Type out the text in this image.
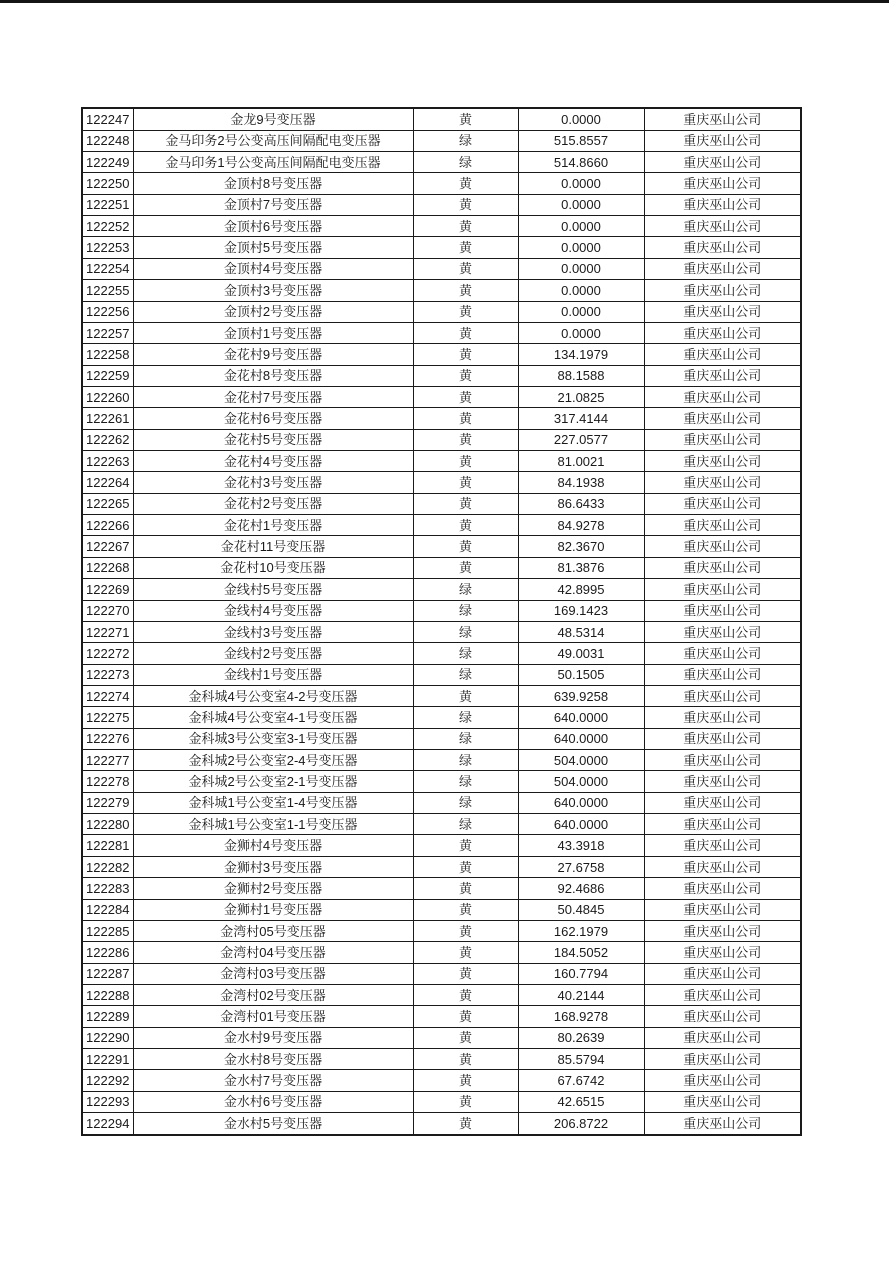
122247	金龙9号变压器	黄	0.0000	重庆巫山公司
122248	金马印务2号公变高压间隔配电变压器	绿	515.8557	重庆巫山公司
122249	金马印务1号公变高压间隔配电变压器	绿	514.8660	重庆巫山公司
122250	金顶村8号变压器	黄	0.0000	重庆巫山公司
122251	金顶村7号变压器	黄	0.0000	重庆巫山公司
122252	金顶村6号变压器	黄	0.0000	重庆巫山公司
122253	金顶村5号变压器	黄	0.0000	重庆巫山公司
122254	金顶村4号变压器	黄	0.0000	重庆巫山公司
122255	金顶村3号变压器	黄	0.0000	重庆巫山公司
122256	金顶村2号变压器	黄	0.0000	重庆巫山公司
122257	金顶村1号变压器	黄	0.0000	重庆巫山公司
122258	金花村9号变压器	黄	134.1979	重庆巫山公司
122259	金花村8号变压器	黄	88.1588	重庆巫山公司
122260	金花村7号变压器	黄	21.0825	重庆巫山公司
122261	金花村6号变压器	黄	317.4144	重庆巫山公司
122262	金花村5号变压器	黄	227.0577	重庆巫山公司
122263	金花村4号变压器	黄	81.0021	重庆巫山公司
122264	金花村3号变压器	黄	84.1938	重庆巫山公司
122265	金花村2号变压器	黄	86.6433	重庆巫山公司
122266	金花村1号变压器	黄	84.9278	重庆巫山公司
122267	金花村11号变压器	黄	82.3670	重庆巫山公司
122268	金花村10号变压器	黄	81.3876	重庆巫山公司
122269	金线村5号变压器	绿	42.8995	重庆巫山公司
122270	金线村4号变压器	绿	169.1423	重庆巫山公司
122271	金线村3号变压器	绿	48.5314	重庆巫山公司
122272	金线村2号变压器	绿	49.0031	重庆巫山公司
122273	金线村1号变压器	绿	50.1505	重庆巫山公司
122274	金科城4号公变室4-2号变压器	黄	639.9258	重庆巫山公司
122275	金科城4号公变室4-1号变压器	绿	640.0000	重庆巫山公司
122276	金科城3号公变室3-1号变压器	绿	640.0000	重庆巫山公司
122277	金科城2号公变室2-4号变压器	绿	504.0000	重庆巫山公司
122278	金科城2号公变室2-1号变压器	绿	504.0000	重庆巫山公司
122279	金科城1号公变室1-4号变压器	绿	640.0000	重庆巫山公司
122280	金科城1号公变室1-1号变压器	绿	640.0000	重庆巫山公司
122281	金狮村4号变压器	黄	43.3918	重庆巫山公司
122282	金狮村3号变压器	黄	27.6758	重庆巫山公司
122283	金狮村2号变压器	黄	92.4686	重庆巫山公司
122284	金狮村1号变压器	黄	50.4845	重庆巫山公司
122285	金湾村05号变压器	黄	162.1979	重庆巫山公司
122286	金湾村04号变压器	黄	184.5052	重庆巫山公司
122287	金湾村03号变压器	黄	160.7794	重庆巫山公司
122288	金湾村02号变压器	黄	40.2144	重庆巫山公司
122289	金湾村01号变压器	黄	168.9278	重庆巫山公司
122290	金水村9号变压器	黄	80.2639	重庆巫山公司
122291	金水村8号变压器	黄	85.5794	重庆巫山公司
122292	金水村7号变压器	黄	67.6742	重庆巫山公司
122293	金水村6号变压器	黄	42.6515	重庆巫山公司
122294	金水村5号变压器	黄	206.8722	重庆巫山公司
